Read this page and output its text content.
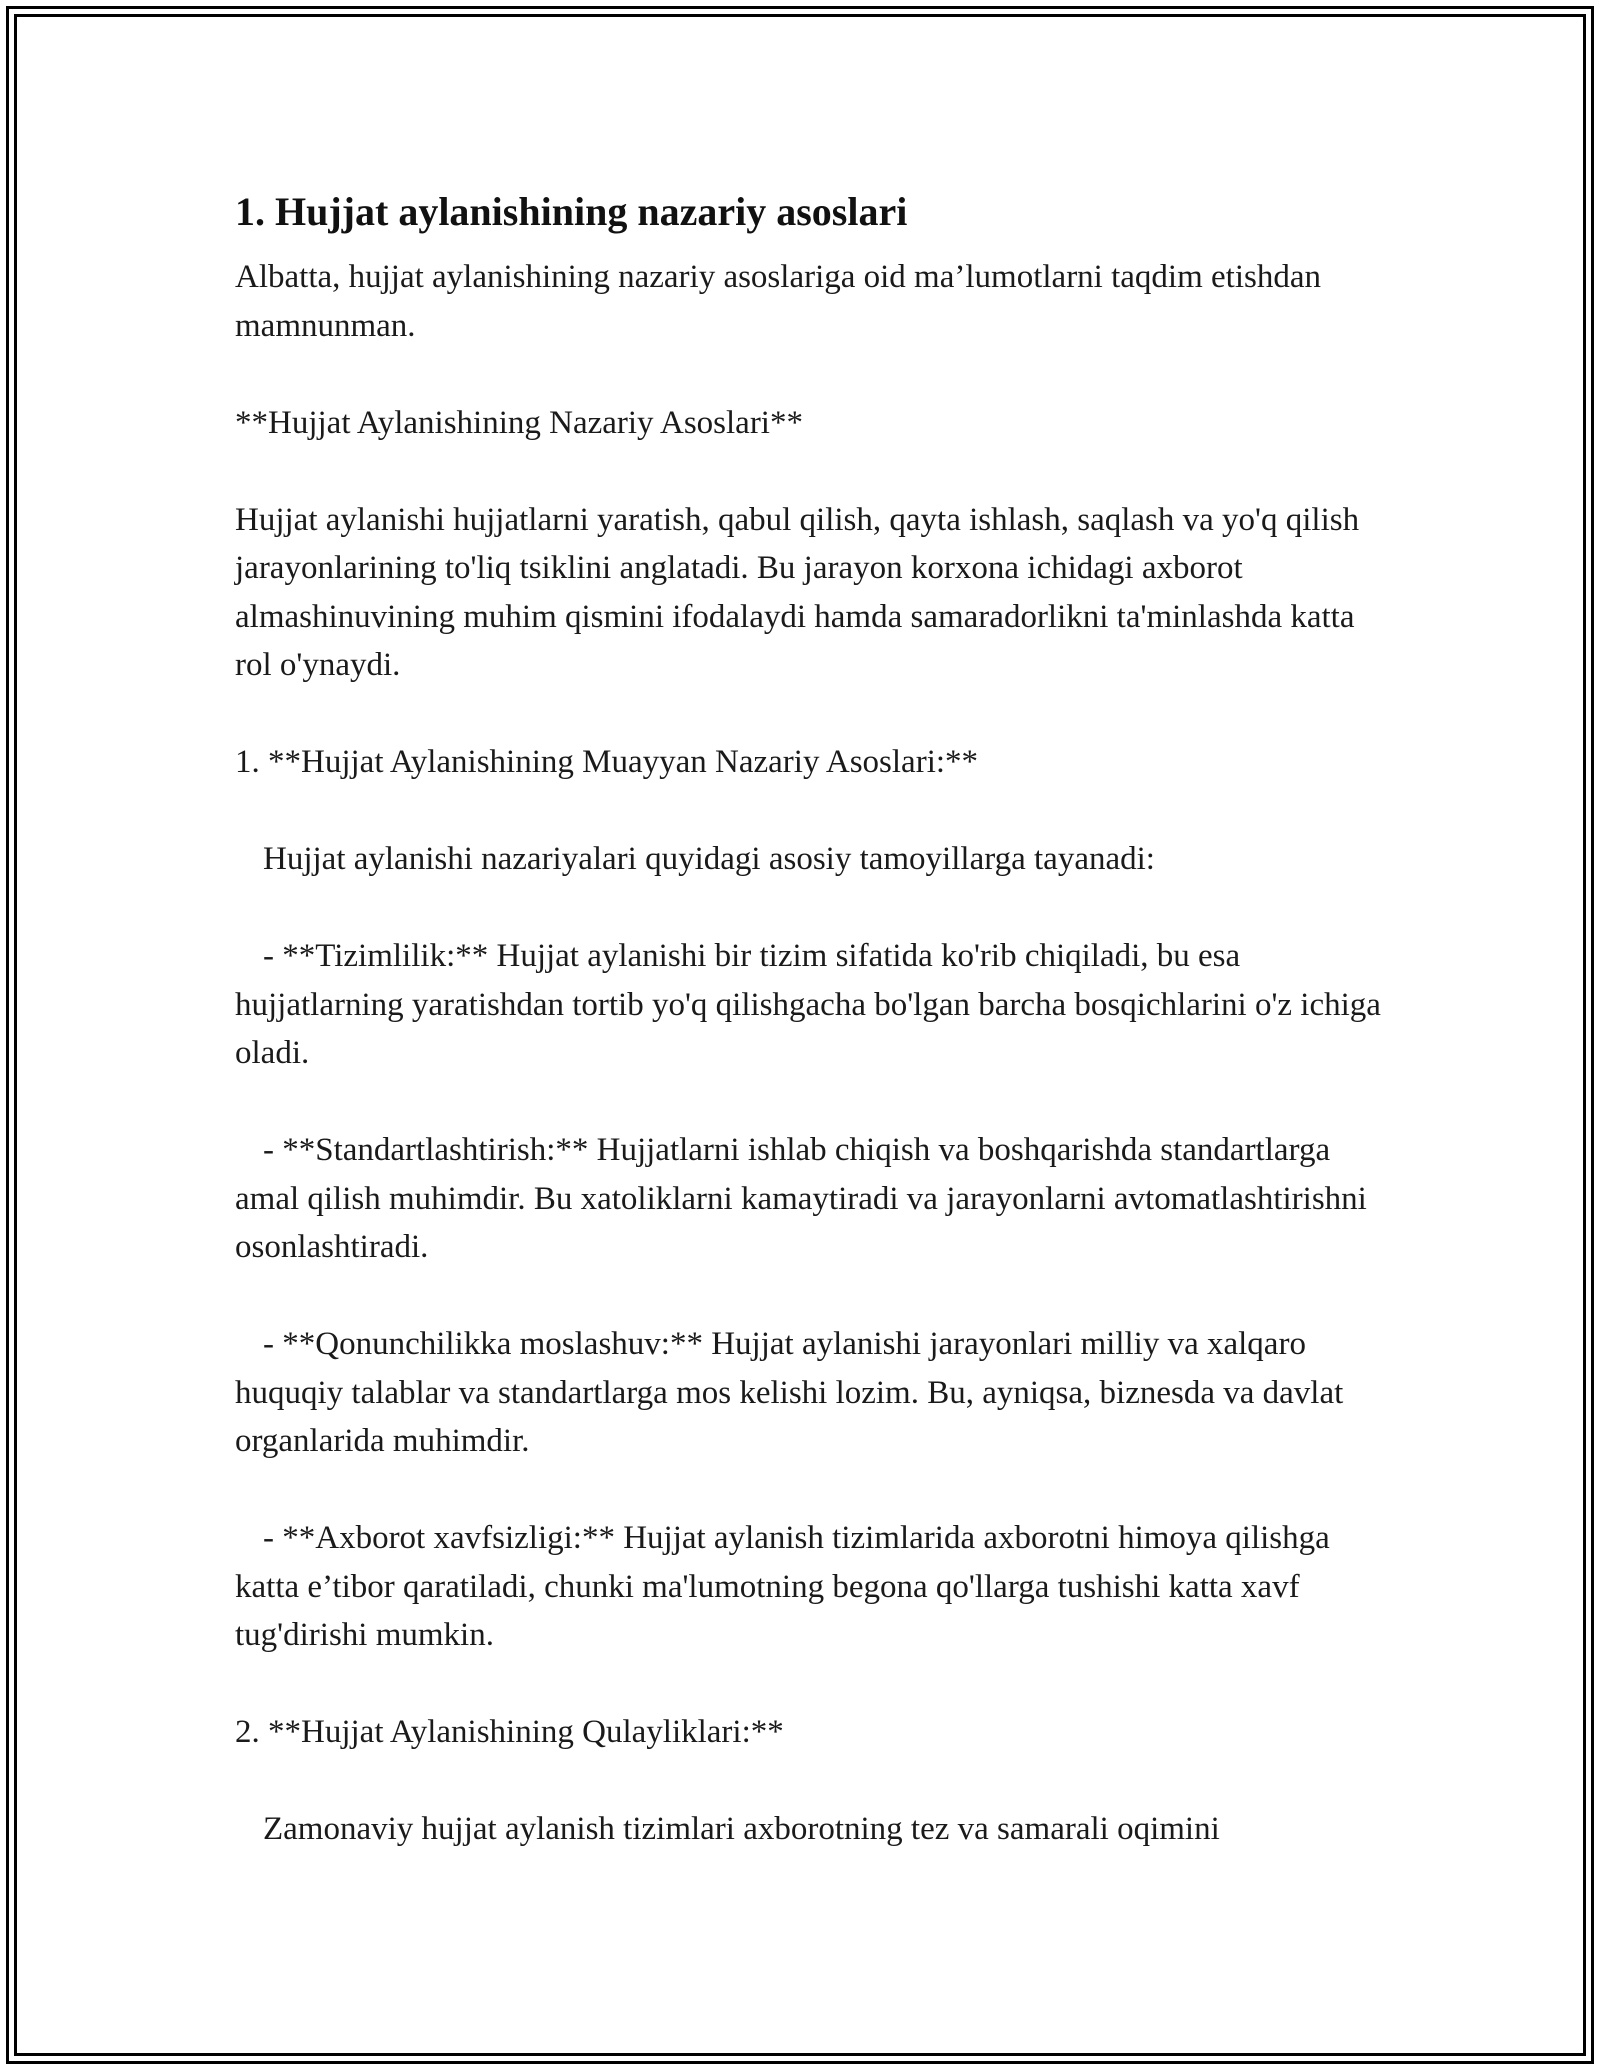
1. Hujjat aylanishining nazariy asoslari

Albatta, hujjat aylanishining nazariy asoslariga oid ma’lumotlarni taqdim etishdan mamnunman.

**Hujjat Aylanishining Nazariy Asoslari**

Hujjat aylanishi hujjatlarni yaratish, qabul qilish, qayta ishlash, saqlash va yo'q qilish jarayonlarining to'liq tsiklini anglatadi. Bu jarayon korxona ichidagi axborot almashinuvining muhim qismini ifodalaydi hamda samaradorlikni ta'minlashda katta rol o'ynaydi.

1. **Hujjat Aylanishining Muayyan Nazariy Asoslari:**

Hujjat aylanishi nazariyalari quyidagi asosiy tamoyillarga tayanadi:

- **Tizimlilik:** Hujjat aylanishi bir tizim sifatida ko'rib chiqiladi, bu esa hujjatlarning yaratishdan tortib yo'q qilishgacha bo'lgan barcha bosqichlarini o'z ichiga oladi.

- **Standartlashtirish:** Hujjatlarni ishlab chiqish va boshqarishda standartlarga amal qilish muhimdir. Bu xatoliklarni kamaytiradi va jarayonlarni avtomatlashtirishni osonlashtiradi.

- **Qonunchilikka moslashuv:** Hujjat aylanishi jarayonlari milliy va xalqaro huquqiy talablar va standartlarga mos kelishi lozim. Bu, ayniqsa, biznesda va davlat organlarida muhimdir.

- **Axborot xavfsizligi:** Hujjat aylanish tizimlarida axborotni himoya qilishga katta e’tibor qaratiladi, chunki ma'lumotning begona qo'llarga tushishi katta xavf tug'dirishi mumkin.

2. **Hujjat Aylanishining Qulayliklari:**

Zamonaviy hujjat aylanish tizimlari axborotning tez va samarali oqimini
